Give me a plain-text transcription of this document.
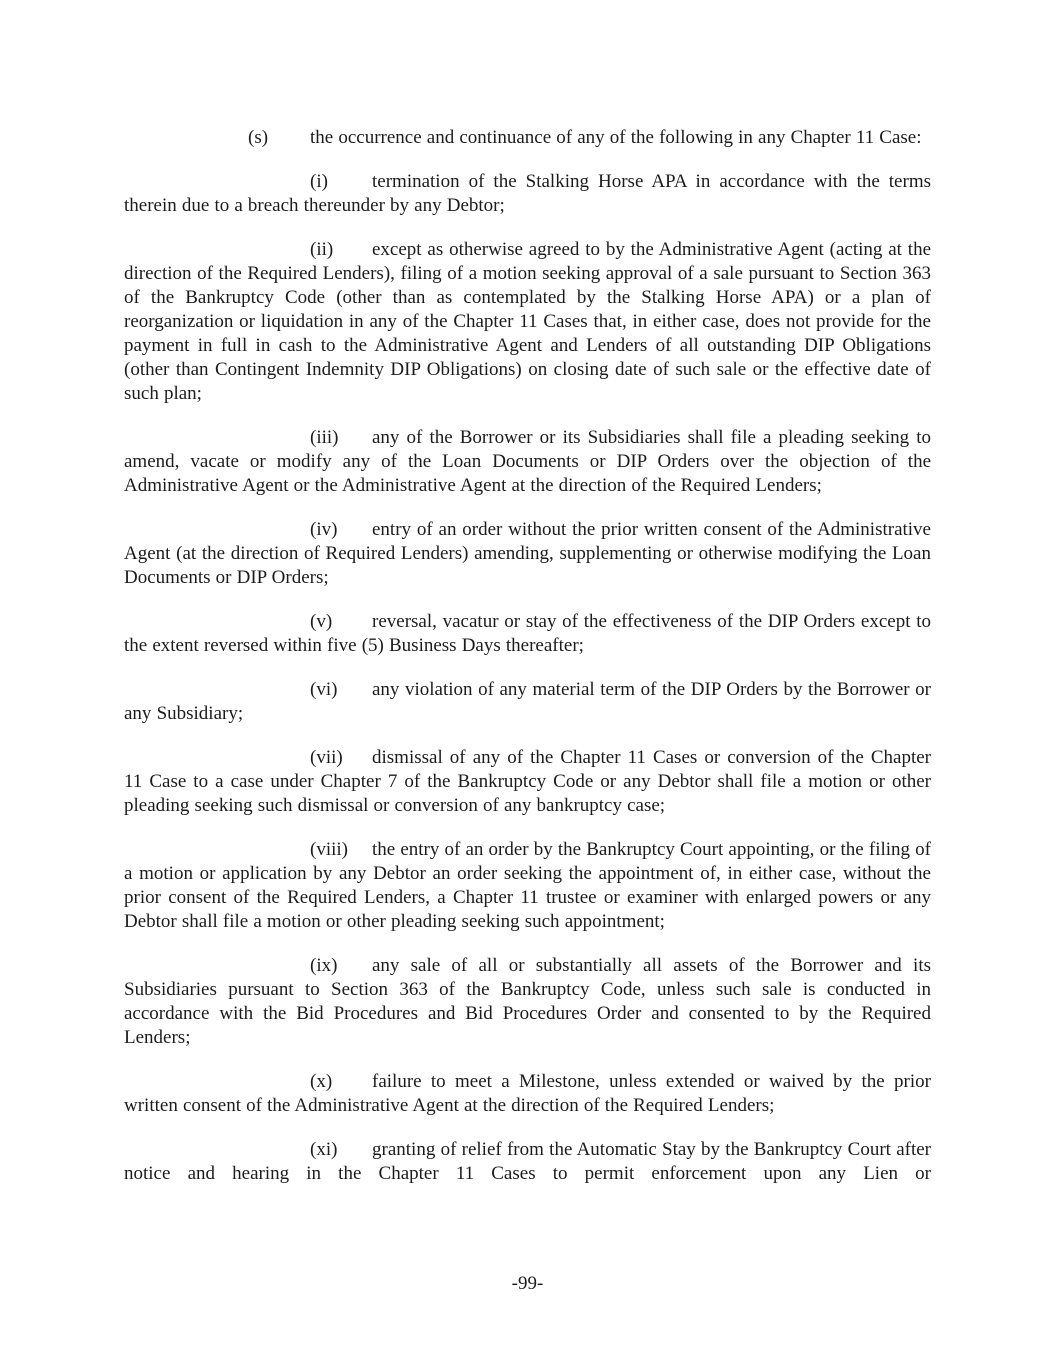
(s) the occurrence and continuance of any of the following in any Chapter 11 Case:

(i) termination of the Stalking Horse APA in accordance with the terms therein due to a breach thereunder by any Debtor;

(ii) except as otherwise agreed to by the Administrative Agent (acting at the direction of the Required Lenders), filing of a motion seeking approval of a sale pursuant to Section 363 of the Bankruptcy Code (other than as contemplated by the Stalking Horse APA) or a plan of reorganization or liquidation in any of the Chapter 11 Cases that, in either case, does not provide for the payment in full in cash to the Administrative Agent and Lenders of all outstanding DIP Obligations (other than Contingent Indemnity DIP Obligations) on closing date of such sale or the effective date of such plan;

(iii) any of the Borrower or its Subsidiaries shall file a pleading seeking to amend, vacate or modify any of the Loan Documents or DIP Orders over the objection of the Administrative Agent or the Administrative Agent at the direction of the Required Lenders;

(iv) entry of an order without the prior written consent of the Administrative Agent (at the direction of Required Lenders) amending, supplementing or otherwise modifying the Loan Documents or DIP Orders;

(v) reversal, vacatur or stay of the effectiveness of the DIP Orders except to the extent reversed within five (5) Business Days thereafter;

(vi) any violation of any material term of the DIP Orders by the Borrower or any Subsidiary;

(vii) dismissal of any of the Chapter 11 Cases or conversion of the Chapter 11 Case to a case under Chapter 7 of the Bankruptcy Code or any Debtor shall file a motion or other pleading seeking such dismissal or conversion of any bankruptcy case;

(viii) the entry of an order by the Bankruptcy Court appointing, or the filing of a motion or application by any Debtor an order seeking the appointment of, in either case, without the prior consent of the Required Lenders, a Chapter 11 trustee or examiner with enlarged powers or any Debtor shall file a motion or other pleading seeking such appointment;

(ix) any sale of all or substantially all assets of the Borrower and its Subsidiaries pursuant to Section 363 of the Bankruptcy Code, unless such sale is conducted in accordance with the Bid Procedures and Bid Procedures Order and consented to by the Required Lenders;

(x) failure to meet a Milestone, unless extended or waived by the prior written consent of the Administrative Agent at the direction of the Required Lenders;

(xi) granting of relief from the Automatic Stay by the Bankruptcy Court after notice and hearing in the Chapter 11 Cases to permit enforcement upon any Lien or

-99-
